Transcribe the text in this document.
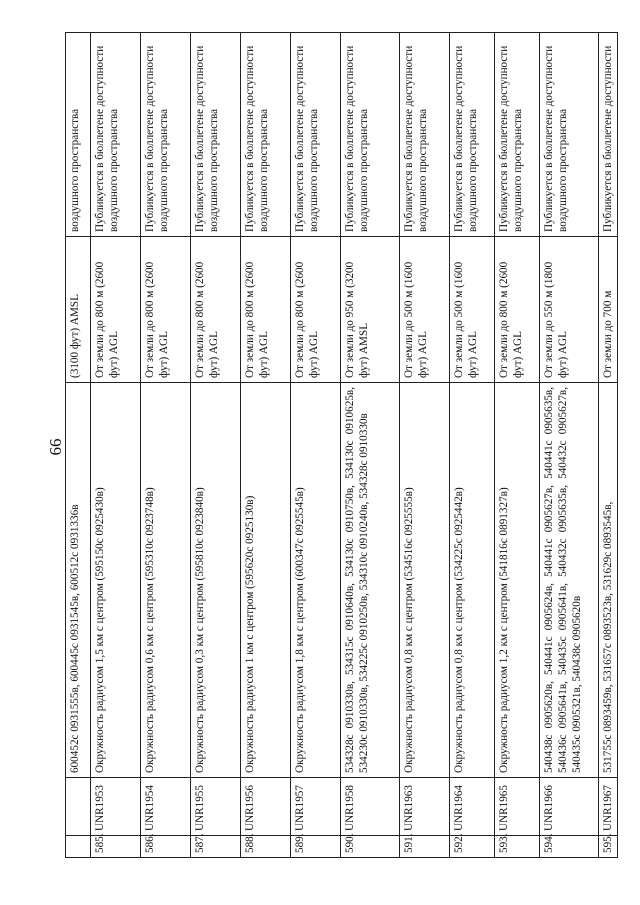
66
		600452с 0931555в, 600445с 0931545в, 600512с 0931336в	(3100 фут) AMSL	воздушного пространства
585.	UNR1953	Окружность радиусом 1,5 км с центром (595150с 0925430в)	От земли до 800 м (2600 фут) AGL	Публикуется в бюллетене доступности воздушного пространства
586.	UNR1954	Окружность радиусом 0,6 км с центром (595310с 0923748в)	От земли до 800 м (2600 фут) AGL	Публикуется в бюллетене доступности воздушного пространства
587.	UNR1955	Окружность радиусом 0,3 км с центром (595810с 0923840в)	От земли до 800 м (2600 фут) AGL	Публикуется в бюллетене доступности воздушного пространства
588.	UNR1956	Окружность радиусом 1 км с центром (595620с 0925130в)	От земли до 800 м (2600 фут) AGL	Публикуется в бюллетене доступности воздушного пространства
589.	UNR1957	Окружность радиусом 1,8 км с центром (600347с 0925545в)	От земли до 800 м (2600 фут) AGL	Публикуется в бюллетене доступности воздушного пространства
590.	UNR1958	534328с 0910330в, 534315с 0910640в, 534130с 0910750в, 534130с 0910625в, 534230с 0910330в, 534225с 0910250в, 534310с 0910240в, 534328с 0910330в	От земли до 950 м (3200 фут) AMSL	Публикуется в бюллетене доступности воздушного пространства
591.	UNR1963	Окружность радиусом 0,8 км с центром (534516с 0925555в)	От земли до 500 м (1600 фут) AGL	Публикуется в бюллетене доступности воздушного пространства
592.	UNR1964	Окружность радиусом 0,8 км с центром (534225с 0925442в)	От земли до 500 м (1600 фут) AGL	Публикуется в бюллетене доступности воздушного пространства
593.	UNR1965	Окружность радиусом 1,2 км с центром (541816с 0891327в)	От земли до 800 м (2600 фут) AGL	Публикуется в бюллетене доступности воздушного пространства
594.	UNR1966	540438с 0905620в, 540441с 0905624в, 540441с 0905627в, 540441с 0905635в, 540436с 0905641в, 540435с 0905641в, 540432с 0905635в, 540432с 0905627в, 540435с 0905321в, 540438с 0905620в	От земли до 550 м (1800 фут) AGL	Публикуется в бюллетене доступности воздушного пространства
595.	UNR1967	531755с 0893459в, 531657с 0893523в, 531629с 0893545в,	От земли до 700 м	Публикуется в бюллетене доступности
